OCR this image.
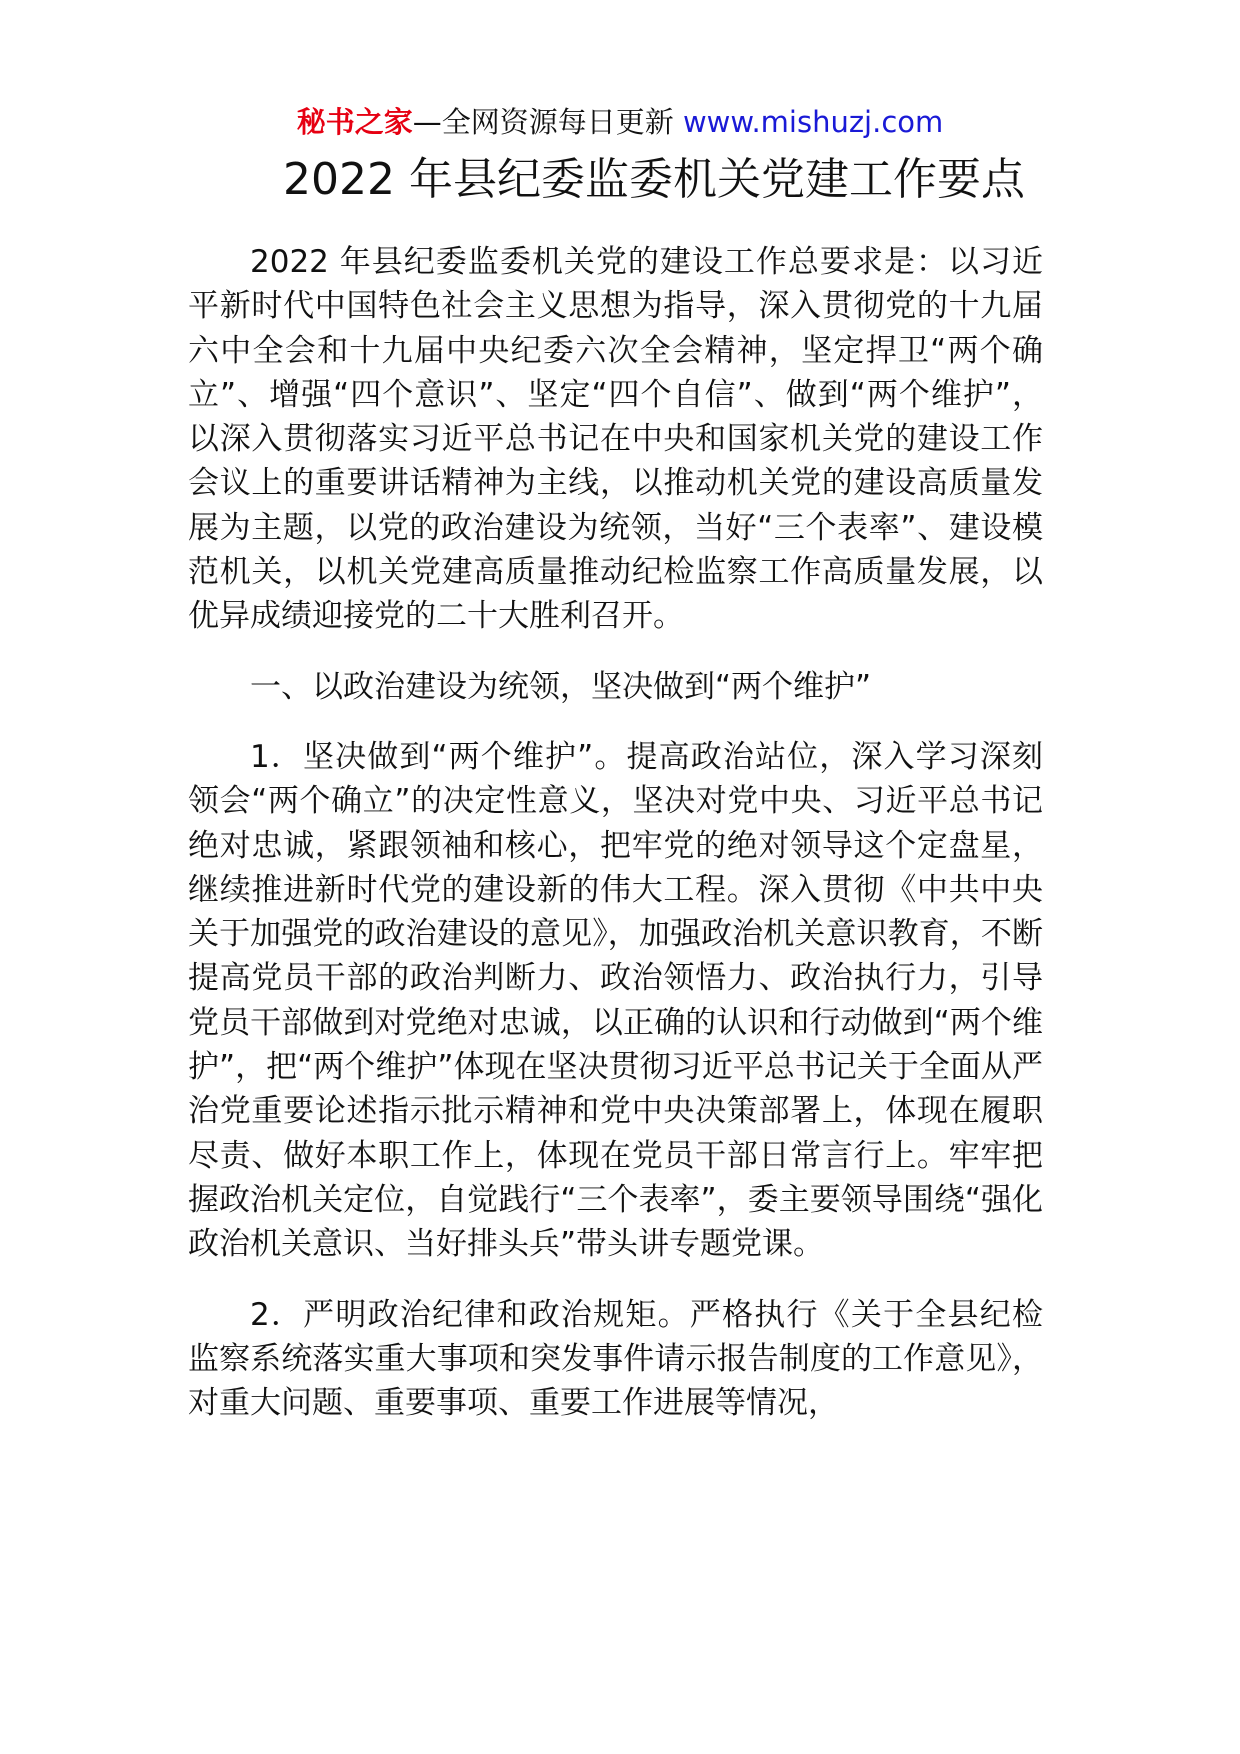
秘书之家—全网资源每日更新 www.mishuzj.com
2022 年县纪委监委机关党建工作要点

2022 年县纪委监委机关党的建设工作总要求是：以习近平新时代中国特色社会主义思想为指导，深入贯彻党的十九届六中全会和十九届中央纪委六次全会精神，坚定捍卫“两个确立”、增强“四个意识”、坚定“四个自信”、做到“两个维护”，以深入贯彻落实习近平总书记在中央和国家机关党的建设工作会议上的重要讲话精神为主线，以推动机关党的建设高质量发展为主题，以党的政治建设为统领，当好“三个表率”、建设模范机关，以机关党建高质量推动纪检监察工作高质量发展，以优异成绩迎接党的二十大胜利召开。

一、以政治建设为统领，坚决做到“两个维护”

1．坚决做到“两个维护”。提高政治站位，深入学习深刻领会“两个确立”的决定性意义，坚决对党中央、习近平总书记绝对忠诚，紧跟领袖和核心，把牢党的绝对领导这个定盘星，继续推进新时代党的建设新的伟大工程。深入贯彻《中共中央关于加强党的政治建设的意见》，加强政治机关意识教育，不断提高党员干部的政治判断力、政治领悟力、政治执行力，引导党员干部做到对党绝对忠诚，以正确的认识和行动做到“两个维护”，把“两个维护”体现在坚决贯彻习近平总书记关于全面从严治党重要论述指示批示精神和党中央决策部署上，体现在履职尽责、做好本职工作上，体现在党员干部日常言行上。牢牢把握政治机关定位，自觉践行“三个表率”，委主要领导围绕“强化政治机关意识、当好排头兵”带头讲专题党课。

2．严明政治纪律和政治规矩。严格执行《关于全县纪检监察系统落实重大事项和突发事件请示报告制度的工作意见》，对重大问题、重要事项、重要工作进展等情况，
